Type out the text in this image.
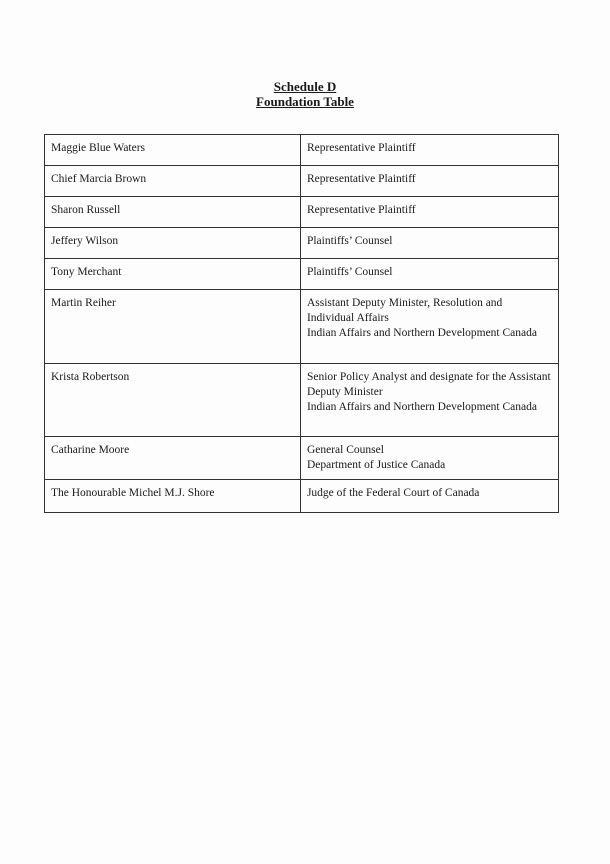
Schedule D

Foundation Table

Maggie Blue Waters	Representative Plaintiff

Chief Marcia Brown	Representative Plaintiff

Sharon Russell	Representative Plaintiff

Jeffery Wilson	Plaintiffs’ Counsel

Tony Merchant	Plaintiffs’ Counsel

Martin Reiher	Assistant Deputy Minister, Resolution and Individual Affairs
Indian Affairs and Northern Development Canada

Krista Robertson	Senior Policy Analyst and designate for the Assistant Deputy Minister
Indian Affairs and Northern Development Canada

Catharine Moore	General Counsel
Department of Justice Canada

The Honourable Michel M.J. Shore	Judge of the Federal Court of Canada
